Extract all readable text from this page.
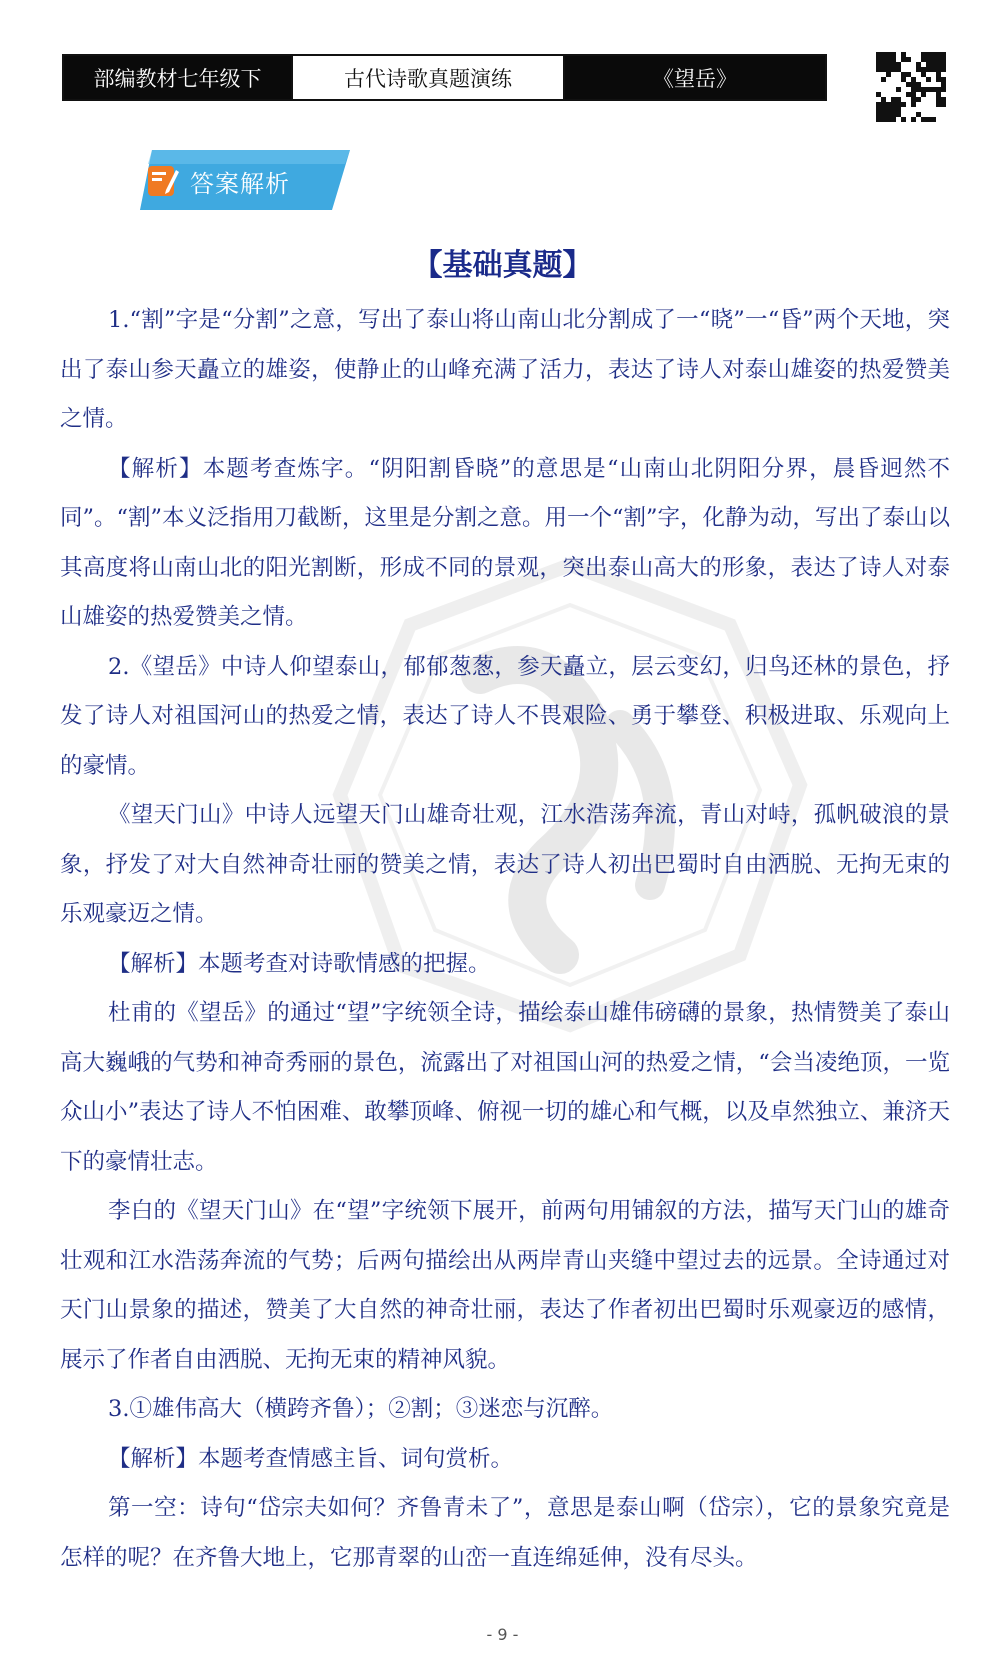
部编教材七年级下	古代诗歌真题演练	《望岳》
答案解析
【基础真题】

1.“割”字是“分割”之意，写出了泰山将山南山北分割成了一“晓”一“昏”两个天地，突出了泰山参天矗立的雄姿，使静止的山峰充满了活力，表达了诗人对泰山雄姿的热爱赞美之情。

【解析】本题考查炼字。“阴阳割昏晓”的意思是“山南山北阴阳分界，晨昏迥然不同”。“割”本义泛指用刀截断，这里是分割之意。用一个“割”字，化静为动，写出了泰山以其高度将山南山北的阳光割断，形成不同的景观，突出泰山高大的形象，表达了诗人对泰山雄姿的热爱赞美之情。

2.《望岳》中诗人仰望泰山，郁郁葱葱，参天矗立，层云变幻，归鸟还林的景色，抒发了诗人对祖国河山的热爱之情，表达了诗人不畏艰险、勇于攀登、积极进取、乐观向上的豪情。

《望天门山》中诗人远望天门山雄奇壮观，江水浩荡奔流，青山对峙，孤帆破浪的景象，抒发了对大自然神奇壮丽的赞美之情，表达了诗人初出巴蜀时自由洒脱、无拘无束的乐观豪迈之情。

【解析】本题考查对诗歌情感的把握。

杜甫的《望岳》的通过“望”字统领全诗，描绘泰山雄伟磅礴的景象，热情赞美了泰山高大巍峨的气势和神奇秀丽的景色，流露出了对祖国山河的热爱之情，“会当凌绝顶，一览众山小”表达了诗人不怕困难、敢攀顶峰、俯视一切的雄心和气概，以及卓然独立、兼济天下的豪情壮志。

李白的《望天门山》在“望”字统领下展开，前两句用铺叙的方法，描写天门山的雄奇壮观和江水浩荡奔流的气势；后两句描绘出从两岸青山夹缝中望过去的远景。全诗通过对天门山景象的描述，赞美了大自然的神奇壮丽，表达了作者初出巴蜀时乐观豪迈的感情，展示了作者自由洒脱、无拘无束的精神风貌。

3.①雄伟高大（横跨齐鲁）；②割；③迷恋与沉醉。

【解析】本题考查情感主旨、词句赏析。

第一空：诗句“岱宗夫如何？齐鲁青未了”，意思是泰山啊（岱宗），它的景象究竟是怎样的呢？在齐鲁大地上，它那青翠的山峦一直连绵延伸，没有尽头。

- 9 -
